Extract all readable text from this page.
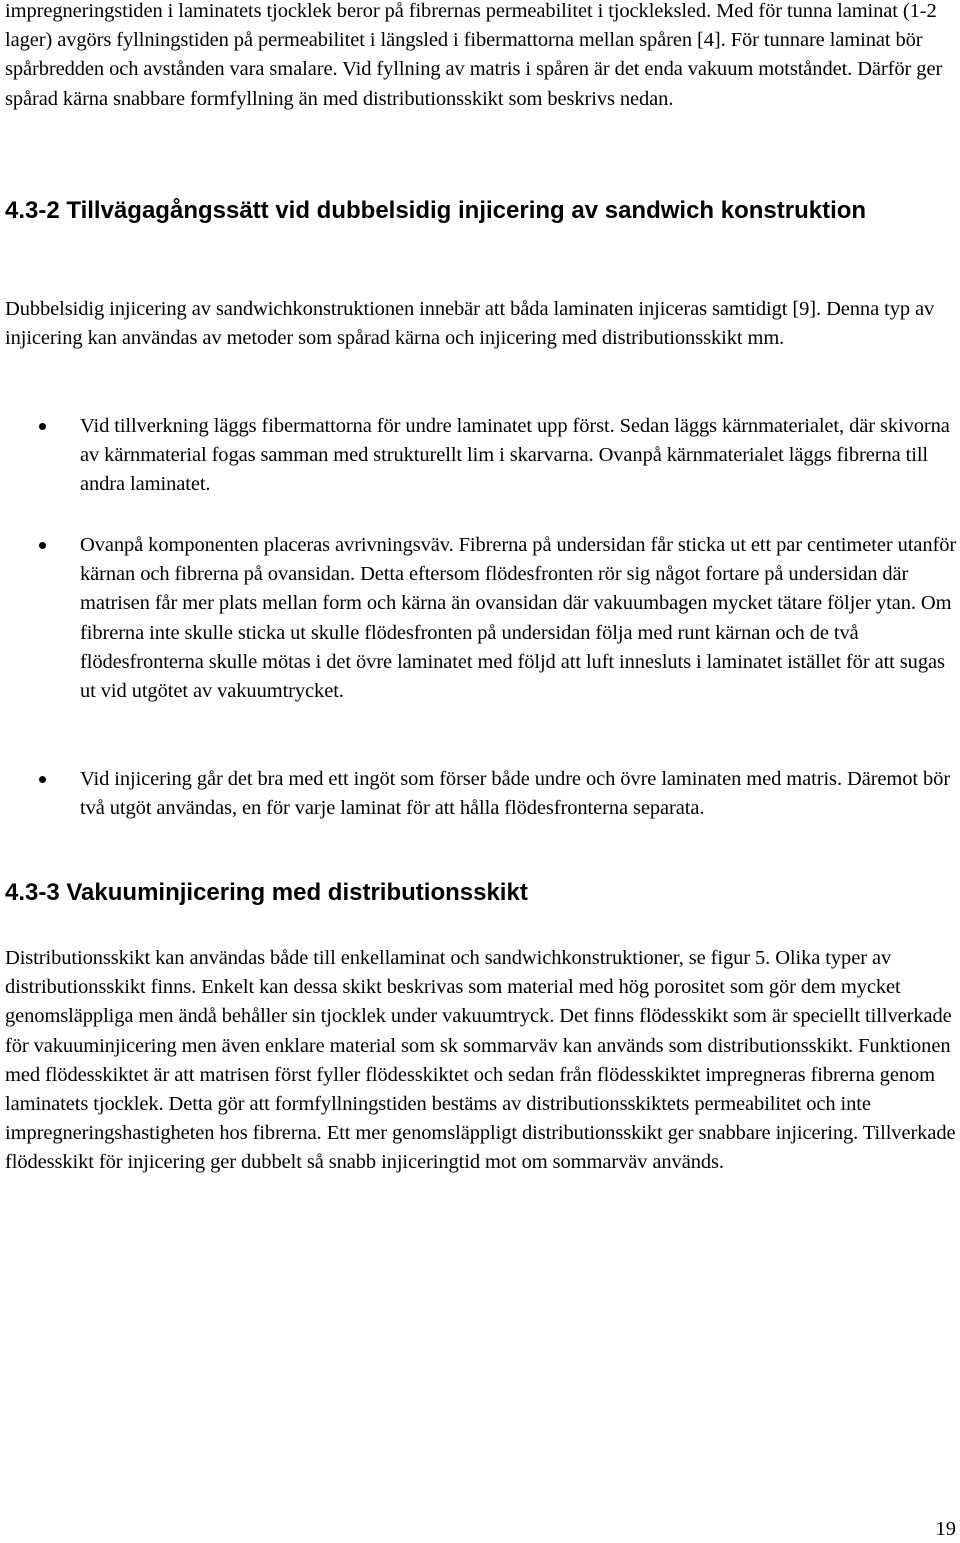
impregneringstiden i laminatets tjocklek beror på fibrernas permeabilitet i tjockleksled. Med för tunna laminat (1-2 lager) avgörs fyllningstiden på permeabilitet i längsled i fibermattorna mellan spåren [4]. För tunnare laminat bör spårbredden och avstånden vara smalare. Vid fyllning av matris i spåren är det enda vakuum motståndet. Därför ger spårad kärna snabbare formfyllning än med distributionsskikt som beskrivs nedan.

4.3-2 Tillvägagångssätt vid dubbelsidig injicering av sandwich konstruktion

Dubbelsidig injicering av sandwichkonstruktionen innebär att båda laminaten injiceras samtidigt [9]. Denna typ av injicering kan användas av metoder som spårad kärna och injicering med distributionsskikt mm.

Vid tillverkning läggs fibermattorna för undre laminatet upp först. Sedan läggs kärnmaterialet, där skivorna av kärnmaterial fogas samman med strukturellt lim i skarvarna. Ovanpå kärnmaterialet läggs fibrerna till andra laminatet.

Ovanpå komponenten placeras avrivningsväv. Fibrerna på undersidan får sticka ut ett par centimeter utanför kärnan och fibrerna på ovansidan. Detta eftersom flödesfronten rör sig något fortare på undersidan där matrisen får mer plats mellan form och kärna än ovansidan där vakuumbagen mycket tätare följer ytan. Om fibrerna inte skulle sticka ut skulle flödesfronten på undersidan följa med runt kärnan och de två flödesfronterna skulle mötas i det övre laminatet med följd att luft innesluts i laminatet istället för att sugas ut vid utgötet av vakuumtrycket.

Vid injicering går det bra med ett ingöt som förser både undre och övre laminaten med matris. Däremot bör två utgöt användas, en för varje laminat för att hålla flödesfronterna separata.

4.3-3 Vakuuminjicering med distributionsskikt

Distributionsskikt kan användas både till enkellaminat och sandwichkonstruktioner, se figur 5. Olika typer av distributionsskikt finns. Enkelt kan dessa skikt beskrivas som material med hög porositet som gör dem mycket genomsläppliga men ändå behåller sin tjocklek under vakuumtryck. Det finns flödesskikt som är speciellt tillverkade för vakuuminjicering men även enklare material som sk sommarväv kan används som distributionsskikt. Funktionen med flödesskiktet är att matrisen först fyller flödesskiktet och sedan från flödesskiktet impregneras fibrerna genom laminatets tjocklek. Detta gör att formfyllningstiden bestäms av distributionsskiktets permeabilitet och inte impregneringshastigheten hos fibrerna. Ett mer genomsläppligt distributionsskikt ger snabbare injicering. Tillverkade flödesskikt för injicering ger dubbelt så snabb injiceringtid mot om sommarväv används.

19
